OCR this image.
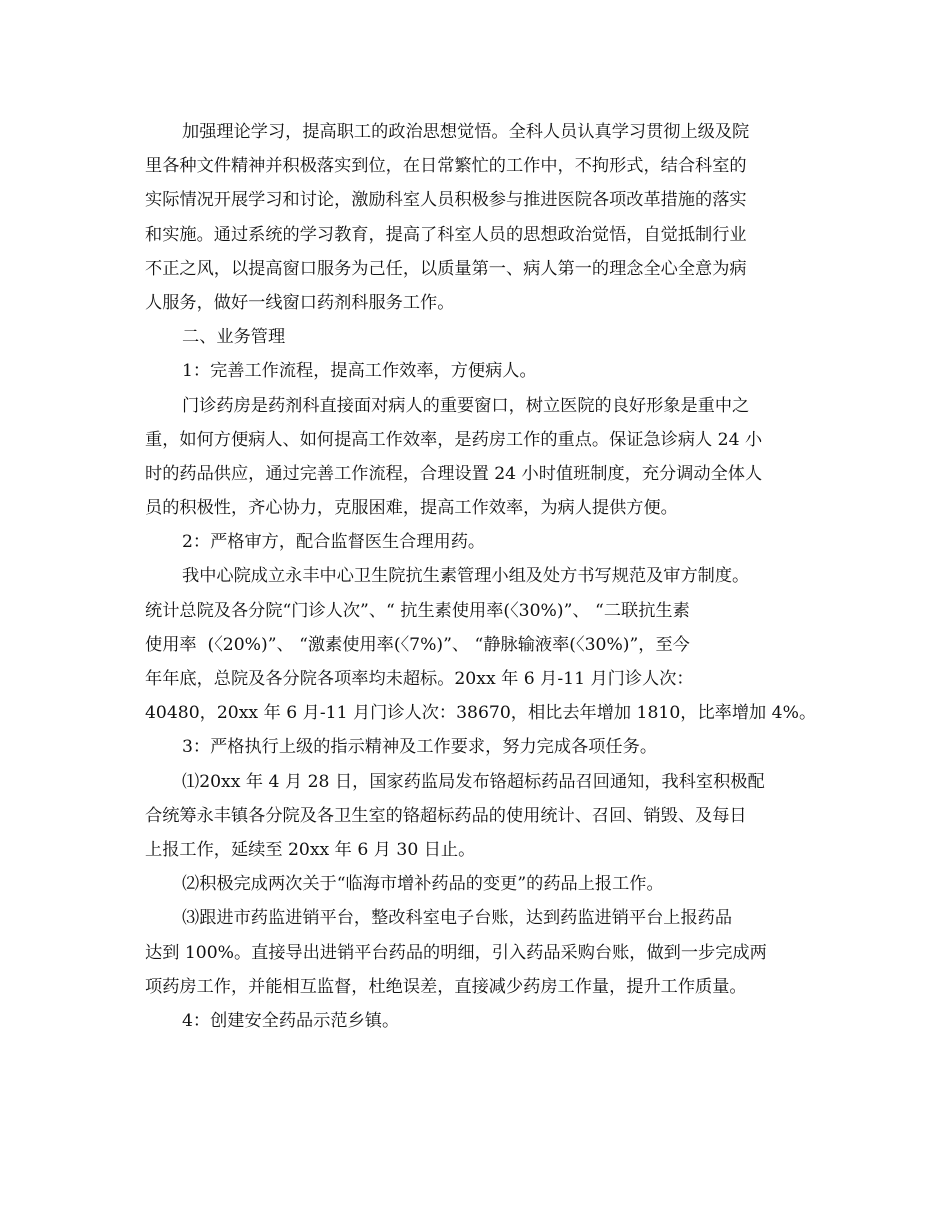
加强理论学习，提高职工的政治思想觉悟。全科人员认真学习贯彻上级及院
里各种文件精神并积极落实到位，在日常繁忙的工作中，不拘形式，结合科室的
实际情况开展学习和讨论，激励科室人员积极参与推进医院各项改革措施的落实
和实施。通过系统的学习教育，提高了科室人员的思想政治觉悟，自觉抵制行业
不正之风，以提高窗口服务为己任，以质量第一、病人第一的理念全心全意为病
人服务，做好一线窗口药剂科服务工作。
二、业务管理
1：完善工作流程，提高工作效率，方便病人。
门诊药房是药剂科直接面对病人的重要窗口，树立医院的良好形象是重中之
重，如何方便病人、如何提高工作效率，是药房工作的重点。保证急诊病人 24 小
时的药品供应，通过完善工作流程，合理设置 24 小时值班制度，充分调动全体人
员的积极性，齐心协力，克服困难，提高工作效率，为病人提供方便。
2：严格审方，配合监督医生合理用药。
我中心院成立永丰中心卫生院抗生素管理小组及处方书写规范及审方制度。
统计总院及各分院“门诊人次”、“ 抗生素使用率(〈30%)”、 “二联抗生素
使用率  (〈20%)”、 “激素使用率(〈7%)”、 “静脉输液率(〈30%)”，至今
年年底，总院及各分院各项率均未超标。20xx 年 6 月-11 月门诊人次：
40480，20xx 年 6 月-11 月门诊人次：38670，相比去年增加 1810，比率增加 4%。
3：严格执行上级的指示精神及工作要求，努力完成各项任务。
⑴20xx 年 4 月 28 日，国家药监局发布铬超标药品召回通知，我科室积极配
合统筹永丰镇各分院及各卫生室的铬超标药品的使用统计、召回、销毁、及每日
上报工作，延续至 20xx 年 6 月 30 日止。
⑵积极完成两次关于“临海市增补药品的变更”的药品上报工作。
⑶跟进市药监进销平台，整改科室电子台账，达到药监进销平台上报药品
达到 100%。直接导出进销平台药品的明细，引入药品采购台账，做到一步完成两
项药房工作，并能相互监督，杜绝误差，直接减少药房工作量，提升工作质量。
4：创建安全药品示范乡镇。
